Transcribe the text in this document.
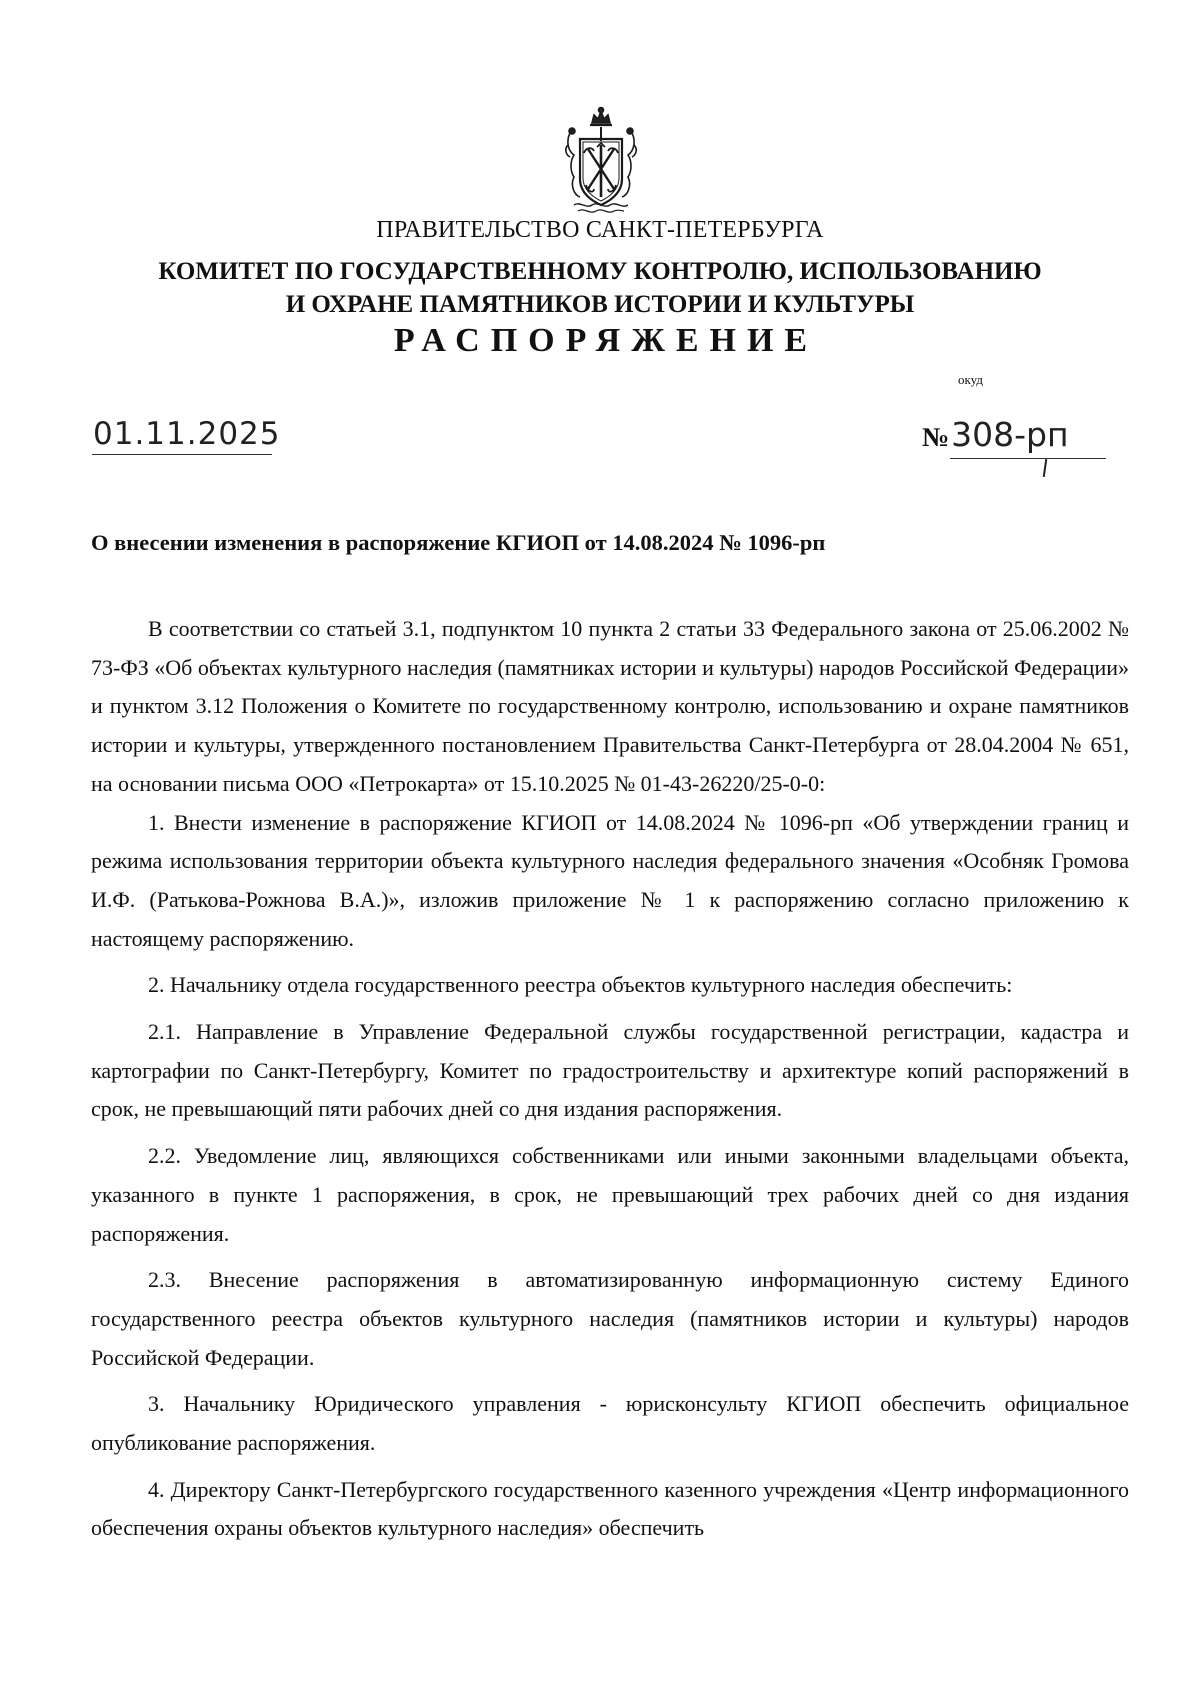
ПРАВИТЕЛЬСТВО САНКТ-ПЕТЕРБУРГА
КОМИТЕТ ПО ГОСУДАРСТВЕННОМУ КОНТРОЛЮ, ИСПОЛЬЗОВАНИЮ
И ОХРАНЕ ПАМЯТНИКОВ ИСТОРИИ И КУЛЬТУРЫ
РАСПОРЯЖЕНИЕ
окуд
01.11.2025	№308-рп
О внесении изменения в распоряжение КГИОП от 14.08.2024 № 1096-рп

В соответствии со статьей 3.1, подпунктом 10 пункта 2 статьи 33 Федерального закона от 25.06.2002 № 73-ФЗ «Об объектах культурного наследия (памятниках истории и культуры) народов Российской Федерации» и пунктом 3.12 Положения о Комитете по государственному контролю, использованию и охране памятников истории и культуры, утвержденного постановлением Правительства Санкт-Петербурга от 28.04.2004 № 651, на основании письма ООО «Петрокарта» от 15.10.2025 № 01-43-26220/25-0-0:

1. Внести изменение в распоряжение КГИОП от 14.08.2024 № 1096-рп «Об утверждении границ и режима использования территории объекта культурного наследия федерального значения «Особняк Громова И.Ф. (Ратькова-Рожнова В.А.)», изложив приложение № 1 к распоряжению согласно приложению к настоящему распоряжению.

2. Начальнику отдела государственного реестра объектов культурного наследия обеспечить:

2.1. Направление в Управление Федеральной службы государственной регистрации, кадастра и картографии по Санкт-Петербургу, Комитет по градостроительству и архитектуре копий распоряжений в срок, не превышающий пяти рабочих дней со дня издания распоряжения.

2.2. Уведомление лиц, являющихся собственниками или иными законными владельцами объекта, указанного в пункте 1 распоряжения, в срок, не превышающий трех рабочих дней со дня издания распоряжения.

2.3. Внесение распоряжения в автоматизированную информационную систему Единого государственного реестра объектов культурного наследия (памятников истории и культуры) народов Российской Федерации.

3. Начальнику Юридического управления - юрисконсульту КГИОП обеспечить официальное опубликование распоряжения.

4. Директору Санкт-Петербургского государственного казенного учреждения «Центр информационного обеспечения охраны объектов культурного наследия» обеспечить
